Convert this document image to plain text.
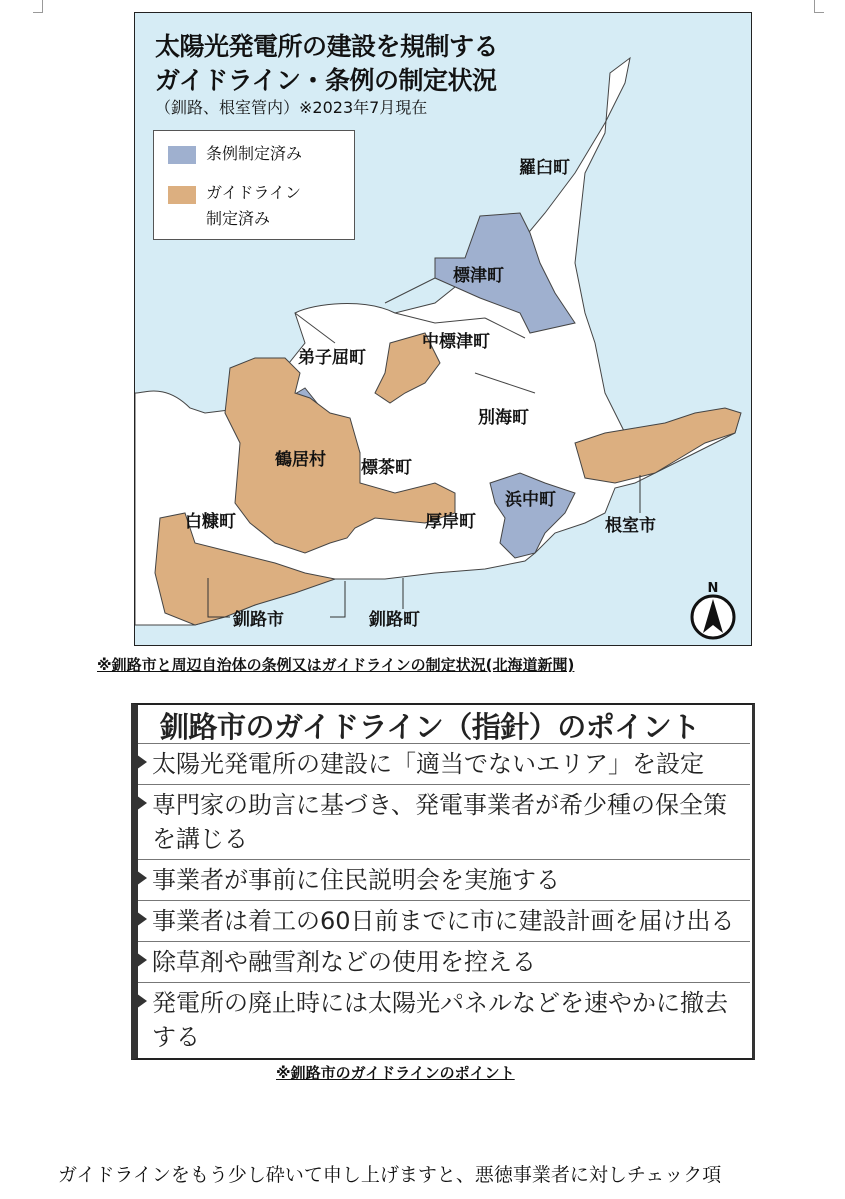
太陽光発電所の建設を規制する

ガイドライン・条例の制定状況

（釧路、根室管内）※2023年7月現在

条例制定済み
ガイドライン
制定済み
羅臼町
標津町
中標津町
弟子屈町
別海町
鶴居村 標茶町
浜中町
根室市
白糠町	厚岸町
釧路市	釧路町
N

※釧路市と周辺自治体の条例又はガイドラインの制定状況(北海道新聞)

釧路市のガイドライン（指針）のポイント

太陽光発電所の建設に「適当でないエリア」を設定
専門家の助言に基づき、発電事業者が希少種の保全策を講じる
事業者が事前に住民説明会を実施する
事業者は着工の60日前までに市に建設計画を届け出る
除草剤や融雪剤などの使用を控える
発電所の廃止時には太陽光パネルなどを速やかに撤去する

※釧路市のガイドラインのポイント

ガイドラインをもう少し砕いて申し上げますと、悪徳事業者に対しチェック項
